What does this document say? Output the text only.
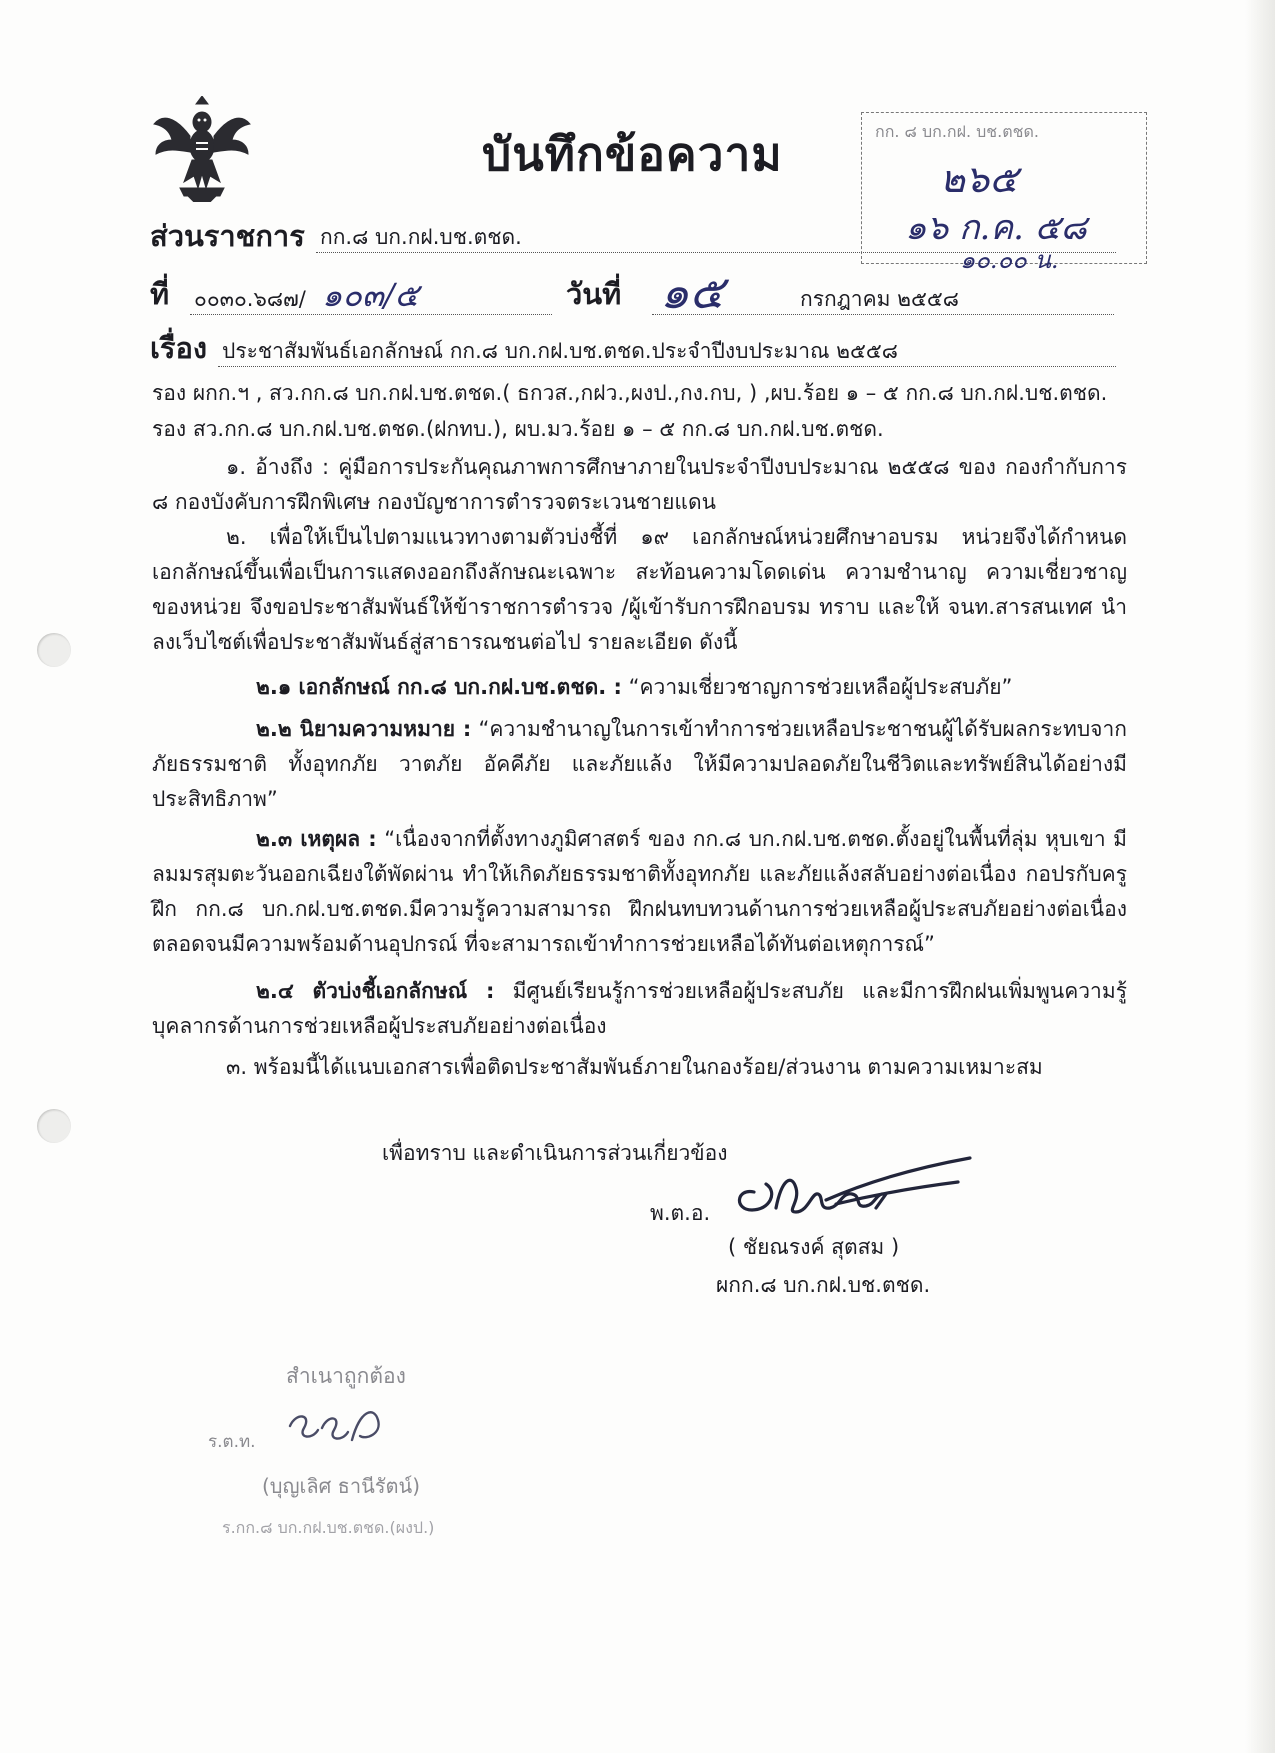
บันทึกข้อความ	กก. ๘ บก.กฝ. บช.ตชด.
๒๖๕
๑๖ ก.ค. ๕๘
๑๐.๐๐ น.
ส่วนราชการ กก.๘ บก.กฝ.บช.ตชด.
ที่ ๐๐๓๐.๖๘๗/ ๑๐๓/๕	วันที่ ๑๕	กรกฎาคม ๒๕๕๘
เรื่อง ประชาสัมพันธ์เอกลักษณ์ กก.๘ บก.กฝ.บช.ตชด.ประจำปีงบประมาณ ๒๕๕๘
รอง ผกก.ฯ , สว.กก.๘ บก.กฝ.บช.ตชด.( ธกวส.,กฝว.,ผงป.,กง.กบ, ) ,ผบ.ร้อย ๑ – ๕ กก.๘ บก.กฝ.บช.ตชด.
รอง สว.กก.๘ บก.กฝ.บช.ตชด.(ฝกทบ.), ผบ.มว.ร้อย ๑ – ๕ กก.๘ บก.กฝ.บช.ตชด.
๑. อ้างถึง : คู่มือการประกันคุณภาพการศึกษาภายในประจำปีงบประมาณ ๒๕๕๘ ของ กองกำกับการ ๘ กองบังคับการฝึกพิเศษ กองบัญชาการตำรวจตระเวนชายแดน
๒. เพื่อให้เป็นไปตามแนวทางตามตัวบ่งชี้ที่ ๑๙ เอกลักษณ์หน่วยศึกษาอบรม หน่วยจึงได้กำหนดเอกลักษณ์ขึ้นเพื่อเป็นการแสดงออกถึงลักษณะเฉพาะ สะท้อนความโดดเด่น ความชำนาญ ความเชี่ยวชาญ ของหน่วย จึงขอประชาสัมพันธ์ให้ข้าราชการตำรวจ /ผู้เข้ารับการฝึกอบรม ทราบ และให้ จนท.สารสนเทศ นำลงเว็บไซต์เพื่อประชาสัมพันธ์สู่สาธารณชนต่อไป รายละเอียด ดังนี้
๒.๑ เอกลักษณ์ กก.๘ บก.กฝ.บช.ตชด. : “ความเชี่ยวชาญการช่วยเหลือผู้ประสบภัย”
๒.๒ นิยามความหมาย : “ความชำนาญในการเข้าทำการช่วยเหลือประชาชนผู้ได้รับผลกระทบจากภัยธรรมชาติ ทั้งอุทกภัย วาตภัย อัคคีภัย และภัยแล้ง ให้มีความปลอดภัยในชีวิตและทรัพย์สินได้อย่างมีประสิทธิภาพ”
๒.๓ เหตุผล : “เนื่องจากที่ตั้งทางภูมิศาสตร์ ของ กก.๘ บก.กฝ.บช.ตชด.ตั้งอยู่ในพื้นที่ลุ่ม หุบเขา มีลมมรสุมตะวันออกเฉียงใต้พัดผ่าน ทำให้เกิดภัยธรรมชาติทั้งอุทกภัย และภัยแล้งสลับอย่างต่อเนื่อง กอปรกับครูฝึก กก.๘ บก.กฝ.บช.ตชด.มีความรู้ความสามารถ ฝึกฝนทบทวนด้านการช่วยเหลือผู้ประสบภัยอย่างต่อเนื่อง ตลอดจนมีความพร้อมด้านอุปกรณ์ ที่จะสามารถเข้าทำการช่วยเหลือได้ทันต่อเหตุการณ์”
๒.๔ ตัวบ่งชี้เอกลักษณ์ : มีศูนย์เรียนรู้การช่วยเหลือผู้ประสบภัย และมีการฝึกฝนเพิ่มพูนความรู้บุคลากรด้านการช่วยเหลือผู้ประสบภัยอย่างต่อเนื่อง
๓. พร้อมนี้ได้แนบเอกสารเพื่อติดประชาสัมพันธ์ภายในกองร้อย/ส่วนงาน ตามความเหมาะสม
เพื่อทราบ และดำเนินการส่วนเกี่ยวข้อง
พ.ต.อ.
( ชัยณรงค์ สุตสม )
ผกก.๘ บก.กฝ.บช.ตชด.
สำเนาถูกต้อง
ร.ต.ท.
(บุญเลิศ ธานีรัตน์)
ร.กก.๘ บก.กฝ.บช.ตชด.(ผงป.)
